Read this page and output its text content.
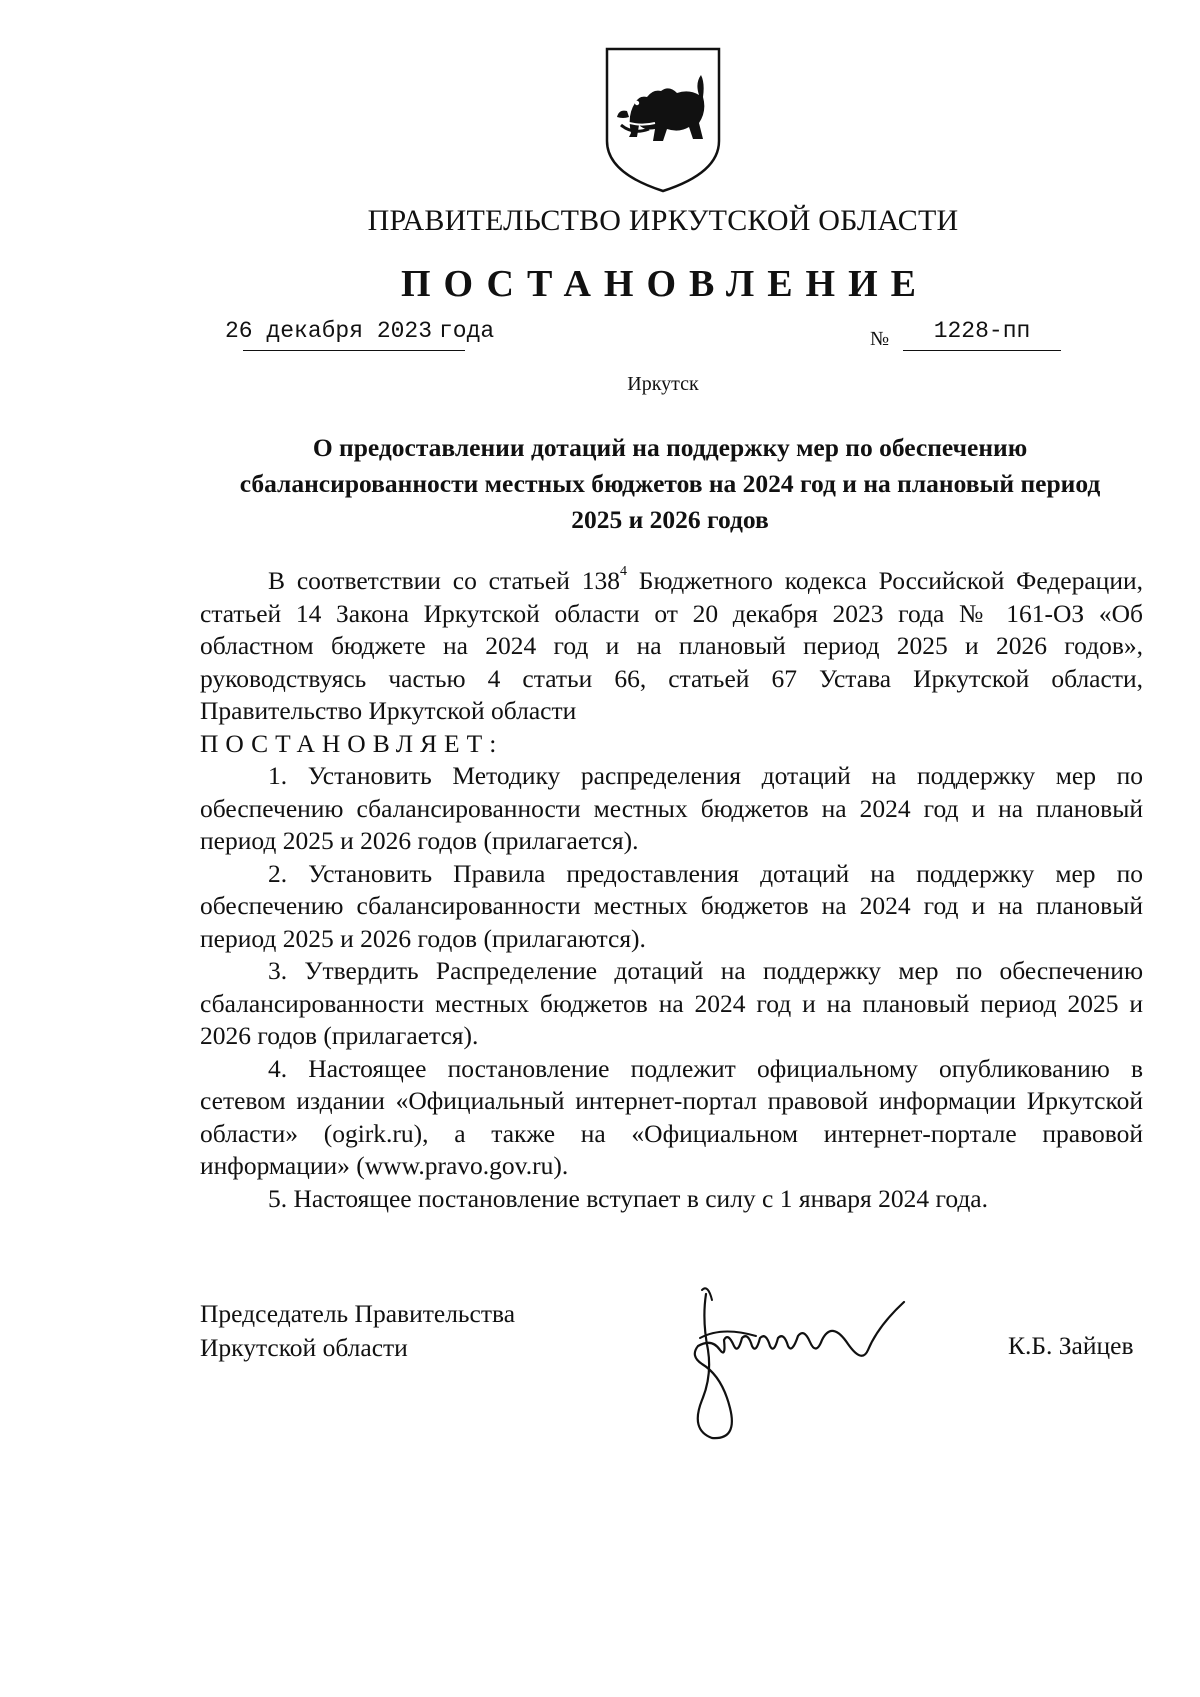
ПРАВИТЕЛЬСТВО ИРКУТСКОЙ ОБЛАСТИ
ПОСТАНОВЛЕНИЕ
26 декабря 2023 года	№	1228-пп
Иркутск
О предоставлении дотаций на поддержку мер по обеспечению сбалансированности местных бюджетов на 2024 год и на плановый период 2025 и 2026 годов

В соответствии со статьей $138^4$ Бюджетного кодекса Российской Федерации, статьей 14 Закона Иркутской области от 20 декабря 2023 года № 161-ОЗ «Об областном бюджете на 2024 год и на плановый период 2025 и 2026 годов», руководствуясь частью 4 статьи 66, статьей 67 Устава Иркутской области, Правительство Иркутской области

ПОСТАНОВЛЯЕТ:

1. Установить Методику распределения дотаций на поддержку мер по обеспечению сбалансированности местных бюджетов на 2024 год и на плановый период 2025 и 2026 годов (прилагается).

2. Установить Правила предоставления дотаций на поддержку мер по обеспечению сбалансированности местных бюджетов на 2024 год и на плановый период 2025 и 2026 годов (прилагаются).

3. Утвердить Распределение дотаций на поддержку мер по обеспечению сбалансированности местных бюджетов на 2024 год и на плановый период 2025 и 2026 годов (прилагается).

4. Настоящее постановление подлежит официальному опубликованию в сетевом издании «Официальный интернет-портал правовой информации Иркутской области» (ogirk.ru), а также на «Официальном интернет-портале правовой информации» (www.pravo.gov.ru).

5. Настоящее постановление вступает в силу с 1 января 2024 года.

Председатель Правительства
Иркутской области	К.Б. Зайцев
